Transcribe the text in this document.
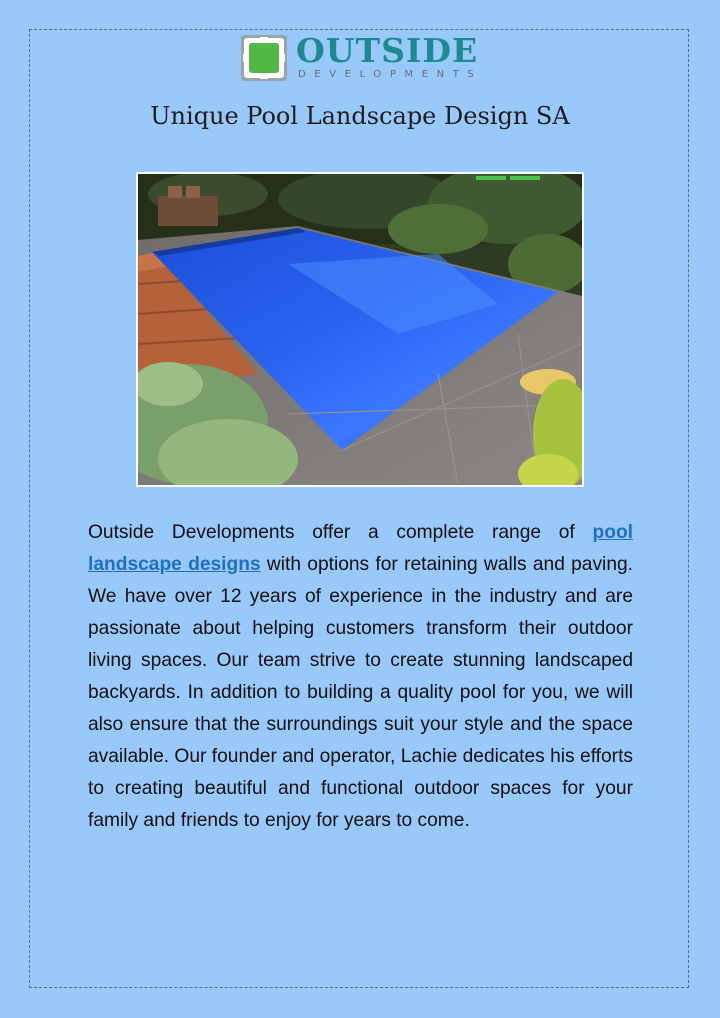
OUTSIDE
DEVELOPMENTS
Unique Pool Landscape Design SA

Outside Developments offer a complete range of pool landscape designs with options for retaining walls and paving. We have over 12 years of experience in the industry and are passionate about helping customers transform their outdoor living spaces. Our team strive to create stunning landscaped backyards. In addition to building a quality pool for you, we will also ensure that the surroundings suit your style and the space available. Our founder and operator, Lachie dedicates his efforts to creating beautiful and functional outdoor spaces for your family and friends to enjoy for years to come.
